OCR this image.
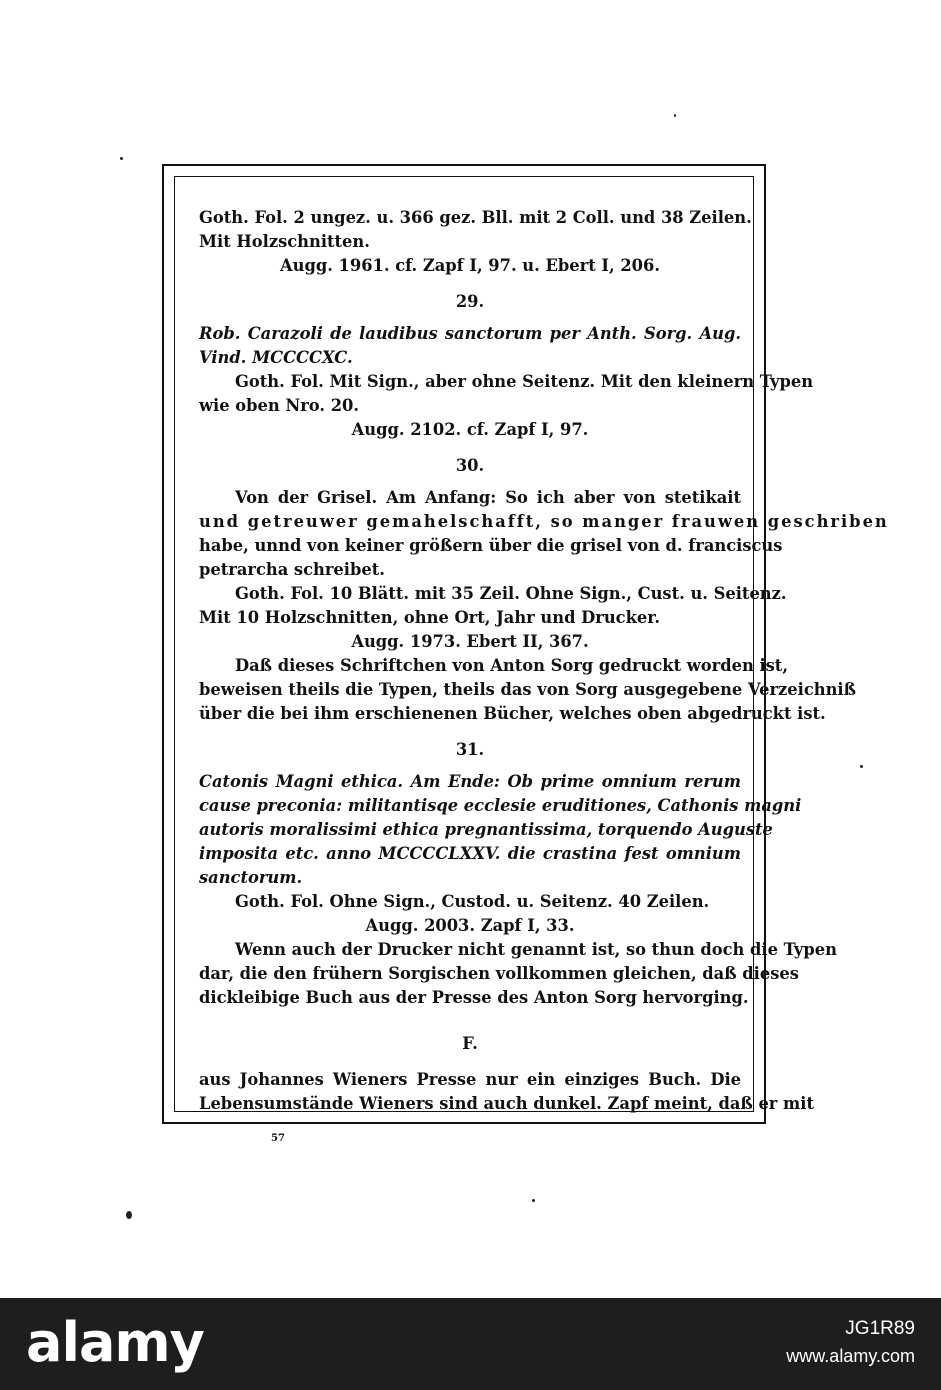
Goth. Fol. 2 ungez. u. 366 gez. Bll. mit 2 Coll. und 38 Zeilen.
Mit Holzschnitten.
Augg. 1961. cf. Zapf I, 97. u. Ebert I, 206.
29.
Rob. Carazoli de laudibus sanctorum per Anth. Sorg. Aug.
Vind. MCCCCXC.
Goth. Fol. Mit Sign., aber ohne Seitenz. Mit den kleinern Typen
wie oben Nro. 20.
Augg. 2102. cf. Zapf I, 97.
30.
Von der Grisel. Am Anfang: So ich aber von stetikait
und getreuwer gemahelschafft, so manger frauwen geschriben
habe, unnd von keiner größern über die grisel von d. franciscus
petrarcha schreibet.
Goth. Fol. 10 Blätt. mit 35 Zeil. Ohne Sign., Cust. u. Seitenz.
Mit 10 Holzschnitten, ohne Ort, Jahr und Drucker.
Augg. 1973. Ebert II, 367.
Daß dieses Schriftchen von Anton Sorg gedruckt worden ist,
beweisen theils die Typen, theils das von Sorg ausgegebene Verzeichniß
über die bei ihm erschienenen Bücher, welches oben abgedruckt ist.
31.
Catonis Magni ethica. Am Ende: Ob prime omnium rerum
cause preconia: militantisqe ecclesie eruditiones, Cathonis magni
autoris moralissimi ethica pregnantissima, torquendo Auguste
imposita etc. anno MCCCCLXXV. die crastina fest omnium
sanctorum.
Goth. Fol. Ohne Sign., Custod. u. Seitenz. 40 Zeilen.
Augg. 2003. Zapf I, 33.
Wenn auch der Drucker nicht genannt ist, so thun doch die Typen
dar, die den frühern Sorgischen vollkommen gleichen, daß dieses
dickleibige Buch aus der Presse des Anton Sorg hervorging.
F.
aus Johannes Wieners Presse nur ein einziges Buch. Die
Lebensumstände Wieners sind auch dunkel. Zapf meint, daß er mit
57
alamy	JG1R89
www.alamy.com
